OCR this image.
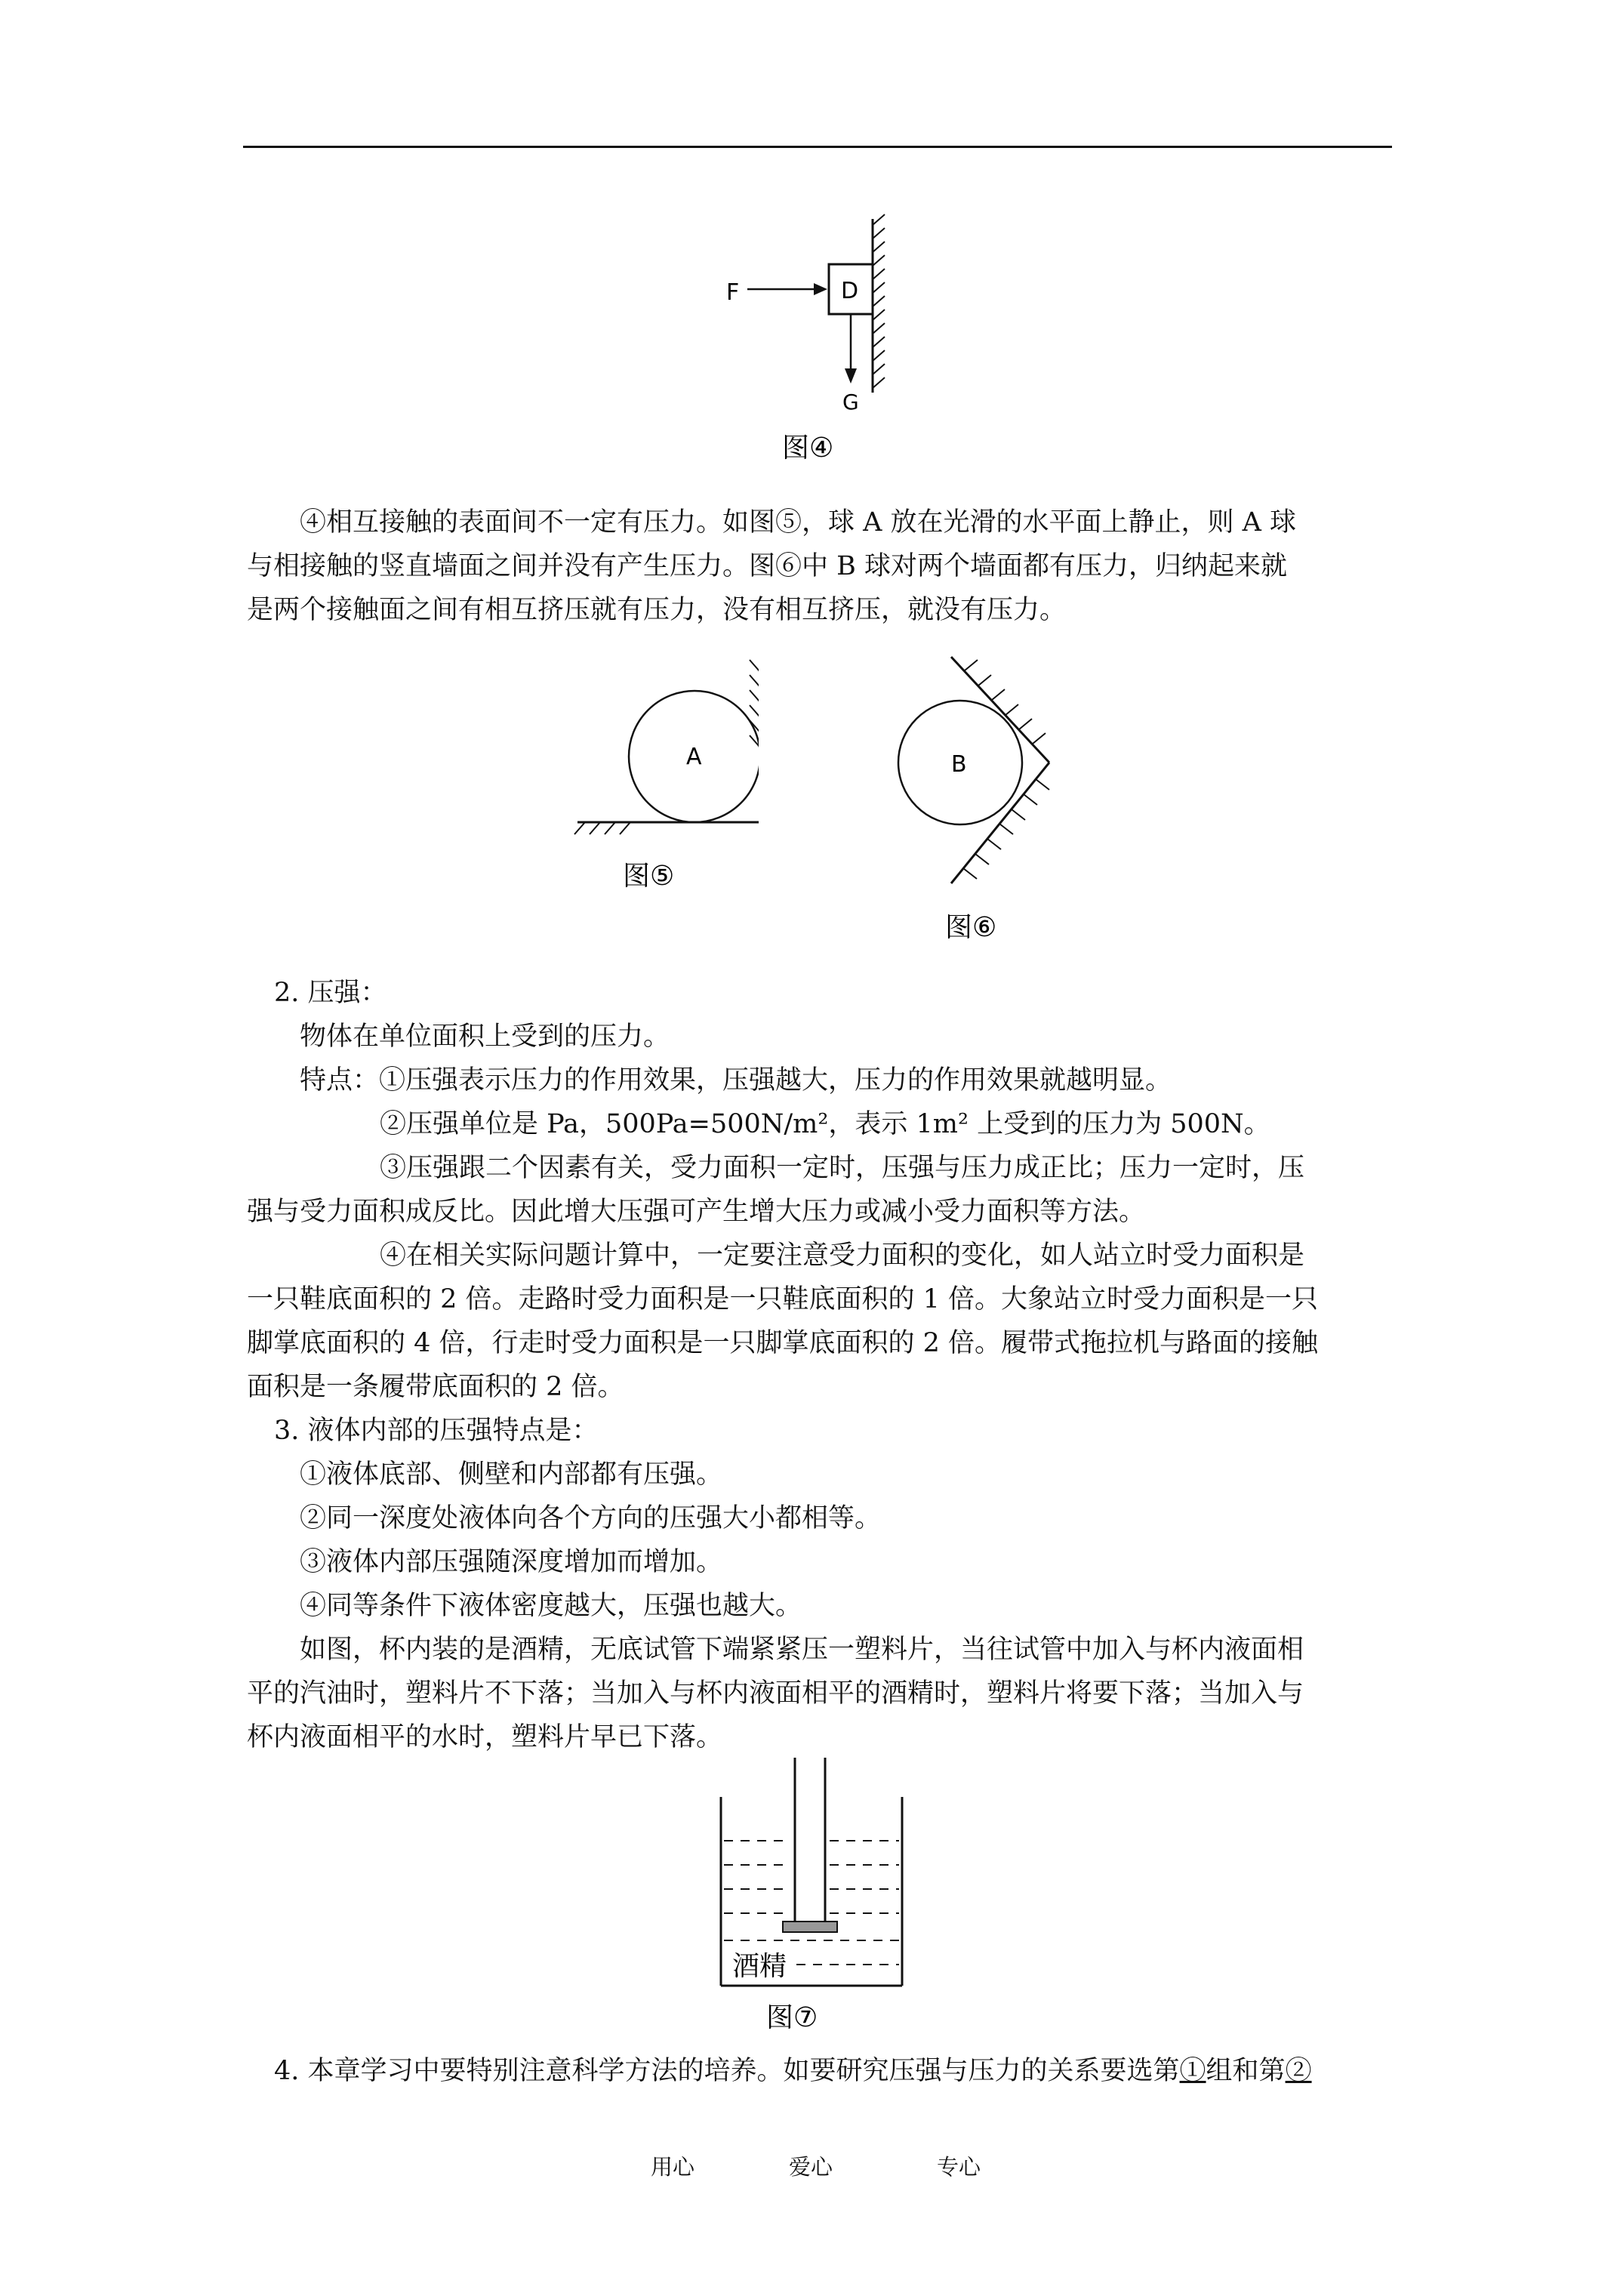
F	D
G
图④
④相互接触的表面间不一定有压力。如图⑤，球 A 放在光滑的水平面上静止，则 A 球
与相接触的竖直墙面之间并没有产生压力。图⑥中 B 球对两个墙面都有压力，归纳起来就
是两个接触面之间有相互挤压就有压力，没有相互挤压，就没有压力。
A
图⑤
B
图⑥
2. 压强：
物体在单位面积上受到的压力。
特点：①压强表示压力的作用效果，压强越大，压力的作用效果就越明显。
②压强单位是 Pa，500Pa=500N/m²，表示 1m² 上受到的压力为 500N。
③压强跟二个因素有关，受力面积一定时，压强与压力成正比；压力一定时，压
强与受力面积成反比。因此增大压强可产生增大压力或减小受力面积等方法。
④在相关实际问题计算中，一定要注意受力面积的变化，如人站立时受力面积是
一只鞋底面积的 2 倍。走路时受力面积是一只鞋底面积的 1 倍。大象站立时受力面积是一只
脚掌底面积的 4 倍，行走时受力面积是一只脚掌底面积的 2 倍。履带式拖拉机与路面的接触
面积是一条履带底面积的 2 倍。
3. 液体内部的压强特点是：
①液体底部、侧壁和内部都有压强。
②同一深度处液体向各个方向的压强大小都相等。
③液体内部压强随深度增加而增加。
④同等条件下液体密度越大，压强也越大。
如图，杯内装的是酒精，无底试管下端紧紧压一塑料片，当往试管中加入与杯内液面相
平的汽油时，塑料片不下落；当加入与杯内液面相平的酒精时，塑料片将要下落；当加入与
杯内液面相平的水时，塑料片早已下落。
酒精
图⑦
4. 本章学习中要特别注意科学方法的培养。如要研究压强与压力的关系要选第①组和第②
用心	爱心	专心
